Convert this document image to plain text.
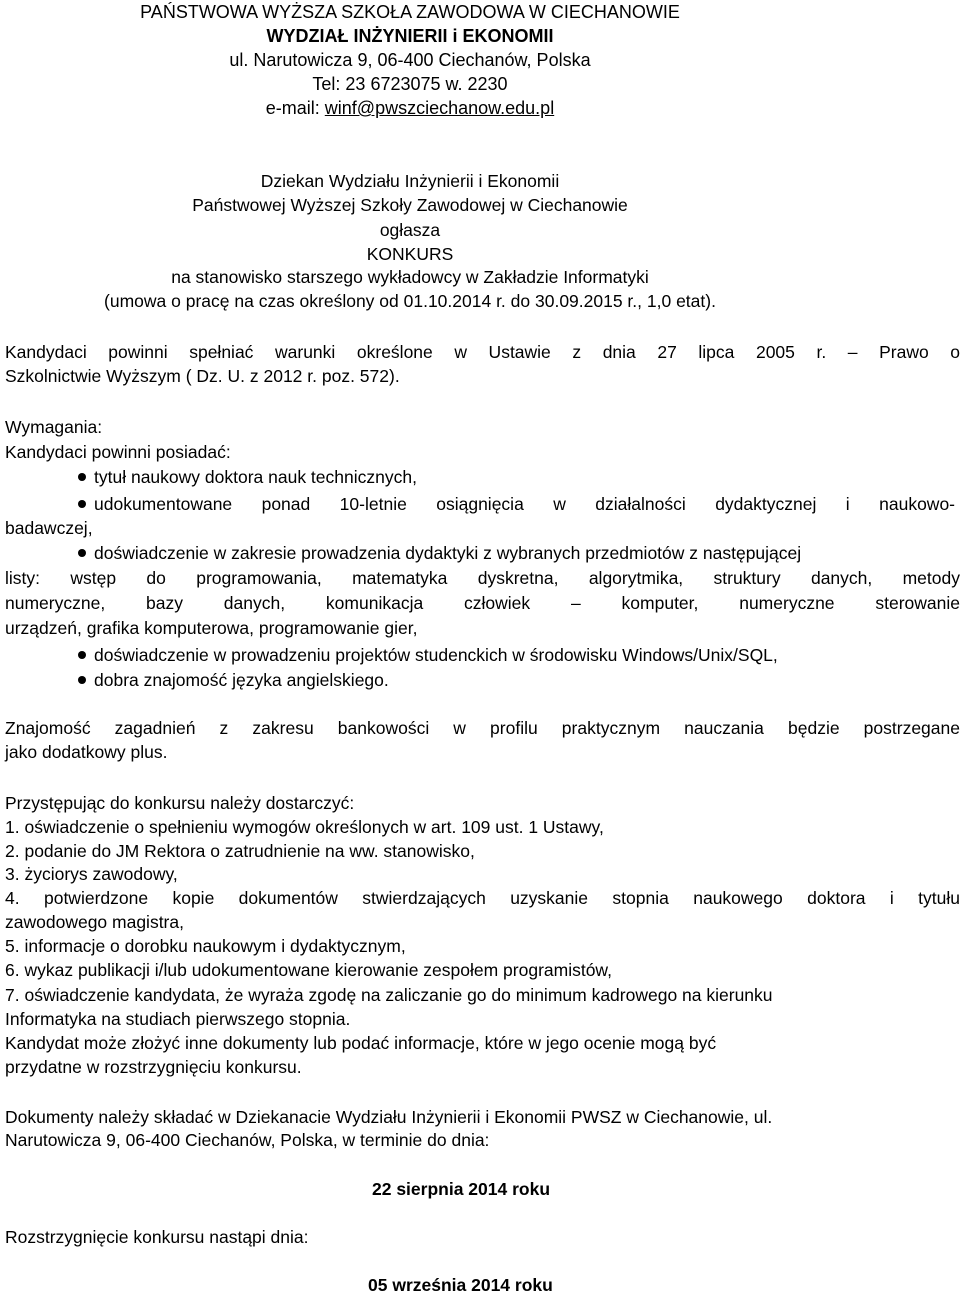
PAŃSTWOWA WYŻSZA SZKOŁA ZAWODOWA W CIECHANOWIE
WYDZIAŁ INŻYNIERII i EKONOMII
ul. Narutowicza 9, 06-400 Ciechanów, Polska
Tel: 23 6723075 w. 2230
e-mail: winf@pwszciechanow.edu.pl
Dziekan Wydziału Inżynierii i Ekonomii
Państwowej Wyższej Szkoły Zawodowej w Ciechanowie
ogłasza
KONKURS
na stanowisko starszego wykładowcy w Zakładzie Informatyki
(umowa o pracę na czas określony od 01.10.2014 r. do 30.09.2015 r., 1,0 etat).
Kandydaci powinni spełniać warunki określone w Ustawie z dnia 27 lipca 2005 r. – Prawo o
Szkolnictwie Wyższym ( Dz. U. z 2012 r. poz. 572).
Wymagania:
Kandydaci powinni posiadać:
tytuł naukowy doktora nauk technicznych,
udokumentowane ponad 10-letnie osiągnięcia w działalności dydaktycznej i naukowo-
badawczej,
doświadczenie w zakresie prowadzenia dydaktyki z wybranych przedmiotów z następującej
listy: wstęp do programowania, matematyka dyskretna, algorytmika, struktury danych, metody
numeryczne, bazy danych, komunikacja człowiek – komputer, numeryczne sterowanie
urządzeń, grafika komputerowa, programowanie gier,
doświadczenie w prowadzeniu projektów studenckich w środowisku Windows/Unix/SQL,
dobra znajomość języka angielskiego.
Znajomość zagadnień z zakresu bankowości w profilu praktycznym nauczania będzie postrzegane
jako dodatkowy plus.
Przystępując do konkursu należy dostarczyć:
1. oświadczenie o spełnieniu wymogów określonych w art. 109 ust. 1 Ustawy,
2. podanie do JM Rektora o zatrudnienie na ww. stanowisko,
3. życiorys zawodowy,
4. potwierdzone kopie dokumentów stwierdzających uzyskanie stopnia naukowego doktora i tytułu
zawodowego magistra,
5. informacje o dorobku naukowym i dydaktycznym,
6. wykaz publikacji i/lub udokumentowane kierowanie zespołem programistów,
7. oświadczenie kandydata, że wyraża zgodę na zaliczanie go do minimum kadrowego na kierunku
Informatyka na studiach pierwszego stopnia.
Kandydat może złożyć inne dokumenty lub podać informacje, które w jego ocenie mogą być
przydatne w rozstrzygnięciu konkursu.
Dokumenty należy składać w Dziekanacie Wydziału Inżynierii i Ekonomii PWSZ w Ciechanowie, ul.
Narutowicza 9, 06-400 Ciechanów, Polska, w terminie do dnia:
22 sierpnia 2014 roku
Rozstrzygnięcie konkursu nastąpi dnia:
05 września 2014 roku
